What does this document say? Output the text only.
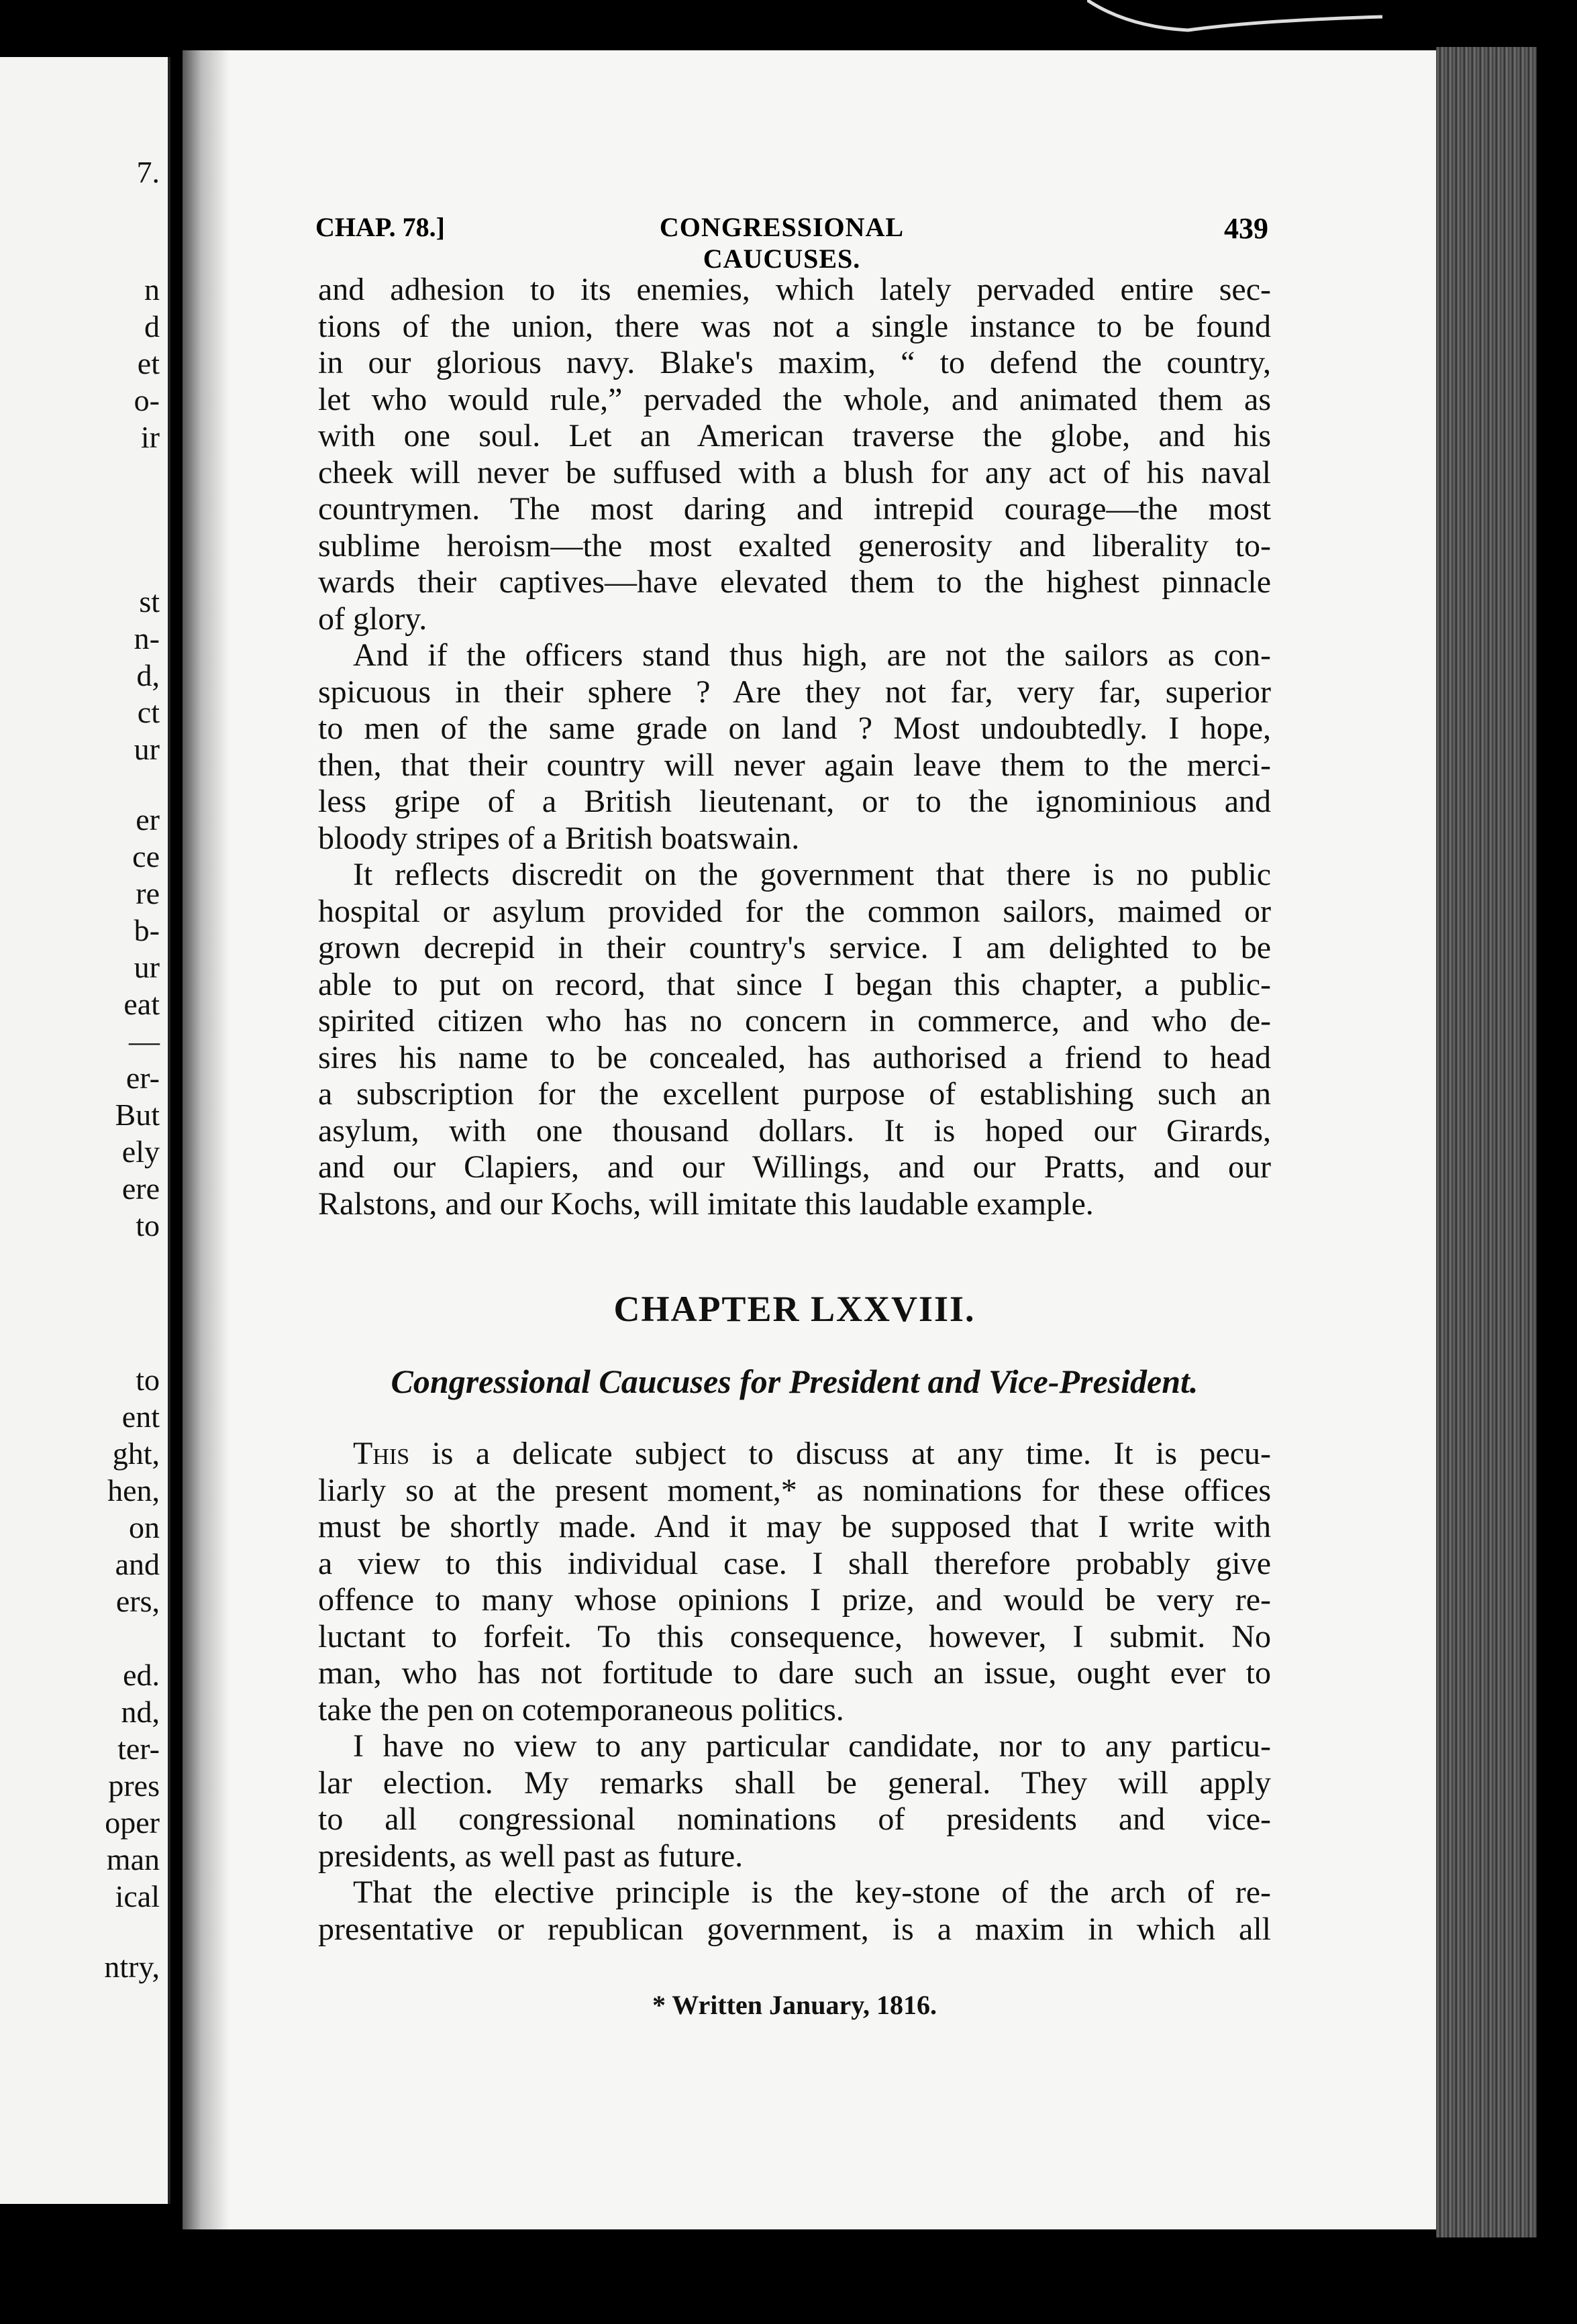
7.
n
d
et
o-
ir
st
n-
d,
ct
ur
er
ce
re
b-
ur
eat
—
er-
But
ely
ere
to
to
ent
ght,
hen,
on
and
ers,
ed.
nd,
ter-
pres
oper
man
ical
ntry,
CHAP. 78.]	CONGRESSIONAL CAUCUSES.
439
and adhesion to its enemies, which lately pervaded entire sec-
tions of the union, there was not a single instance to be found
in our glorious navy. Blake's maxim, “ to defend the country,
let who would rule,” pervaded the whole, and animated them as
with one soul. Let an American traverse the globe, and his
cheek will never be suffused with a blush for any act of his naval
countrymen. The most daring and intrepid courage—the most
sublime heroism—the most exalted generosity and liberality to-
wards their captives—have elevated them to the highest pinnacle
of glory.
And if the officers stand thus high, are not the sailors as con-
spicuous in their sphere ? Are they not far, very far, superior
to men of the same grade on land ? Most undoubtedly. I hope,
then, that their country will never again leave them to the merci-
less gripe of a British lieutenant, or to the ignominious and
bloody stripes of a British boatswain.
It reflects discredit on the government that there is no public
hospital or asylum provided for the common sailors, maimed or
grown decrepid in their country's service. I am delighted to be
able to put on record, that since I began this chapter, a public-
spirited citizen who has no concern in commerce, and who de-
sires his name to be concealed, has authorised a friend to head
a subscription for the excellent purpose of establishing such an
asylum, with one thousand dollars. It is hoped our Girards,
and our Clapiers, and our Willings, and our Pratts, and our
Ralstons, and our Kochs, will imitate this laudable example.
CHAPTER LXXVIII.
Congressional Caucuses for President and Vice-President.
This is a delicate subject to discuss at any time. It is pecu-
liarly so at the present moment,* as nominations for these offices
must be shortly made. And it may be supposed that I write with
a view to this individual case. I shall therefore probably give
offence to many whose opinions I prize, and would be very re-
luctant to forfeit. To this consequence, however, I submit. No
man, who has not fortitude to dare such an issue, ought ever to
take the pen on cotemporaneous politics.
I have no view to any particular candidate, nor to any particu-
lar election. My remarks shall be general. They will apply
to all congressional nominations of presidents and vice-
presidents, as well past as future.
That the elective principle is the key-stone of the arch of re-
presentative or republican government, is a maxim in which all
* Written January, 1816.
